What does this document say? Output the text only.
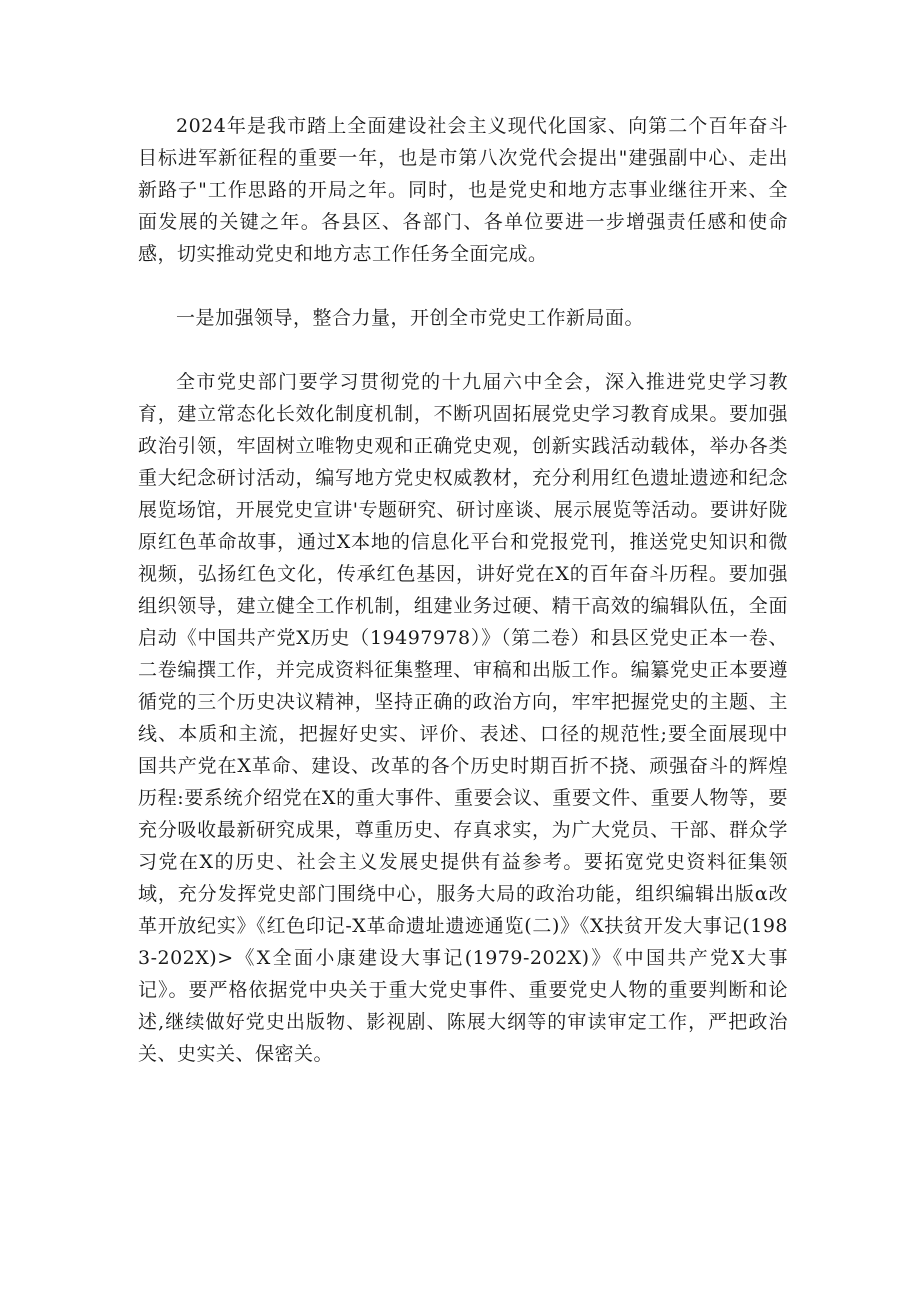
2024年是我市踏上全面建设社会主义现代化国家、向第二个百年奋斗目标进军新征程的重要一年，也是市第八次党代会提出"建强副中心、走出新路子"工作思路的开局之年。同时，也是党史和地方志事业继往开来、全面发展的关键之年。各县区、各部门、各单位要进一步增强责任感和使命感，切实推动党史和地方志工作任务全面完成。

一是加强领导，整合力量，开创全市党史工作新局面。

全市党史部门要学习贯彻党的十九届六中全会，深入推进党史学习教育，建立常态化长效化制度机制，不断巩固拓展党史学习教育成果。要加强政治引领，牢固树立唯物史观和正确党史观，创新实践活动载体，举办各类重大纪念研讨活动，编写地方党史权威教材，充分利用红色遗址遗迹和纪念展览场馆，开展党史宣讲'专题研究、研讨座谈、展示展览等活动。要讲好陇原红色革命故事，通过X本地的信息化平台和党报党刊，推送党史知识和微视频，弘扬红色文化，传承红色基因，讲好党在X的百年奋斗历程。要加强组织领导，建立健全工作机制，组建业务过硬、精干高效的编辑队伍，全面启动《中国共产党X历史（19497978）》（第二卷）和县区党史正本一卷、二卷编撰工作，并完成资料征集整理、审稿和出版工作。编纂党史正本要遵循党的三个历史决议精神，坚持正确的政治方向，牢牢把握党史的主题、主线、本质和主流，把握好史实、评价、表述、口径的规范性;要全面展现中国共产党在X革命、建设、改革的各个历史时期百折不挠、顽强奋斗的辉煌历程:要系统介绍党在X的重大事件、重要会议、重要文件、重要人物等，要充分吸收最新研究成果，尊重历史、存真求实，为广大党员、干部、群众学习党在X的历史、社会主义发展史提供有益参考。要拓宽党史资料征集领域，充分发挥党史部门围绕中心，服务大局的政治功能，组织编辑出版α改革开放纪实》《红色印记-X革命遗址遗迹通览(二)》《X扶贫开发大事记(1983-202X)>《X全面小康建设大事记(1979-202X)》《中国共产党X大事记》。要严格依据党中央关于重大党史事件、重要党史人物的重要判断和论述,继续做好党史出版物、影视剧、陈展大纲等的审读审定工作，严把政治关、史实关、保密关。
